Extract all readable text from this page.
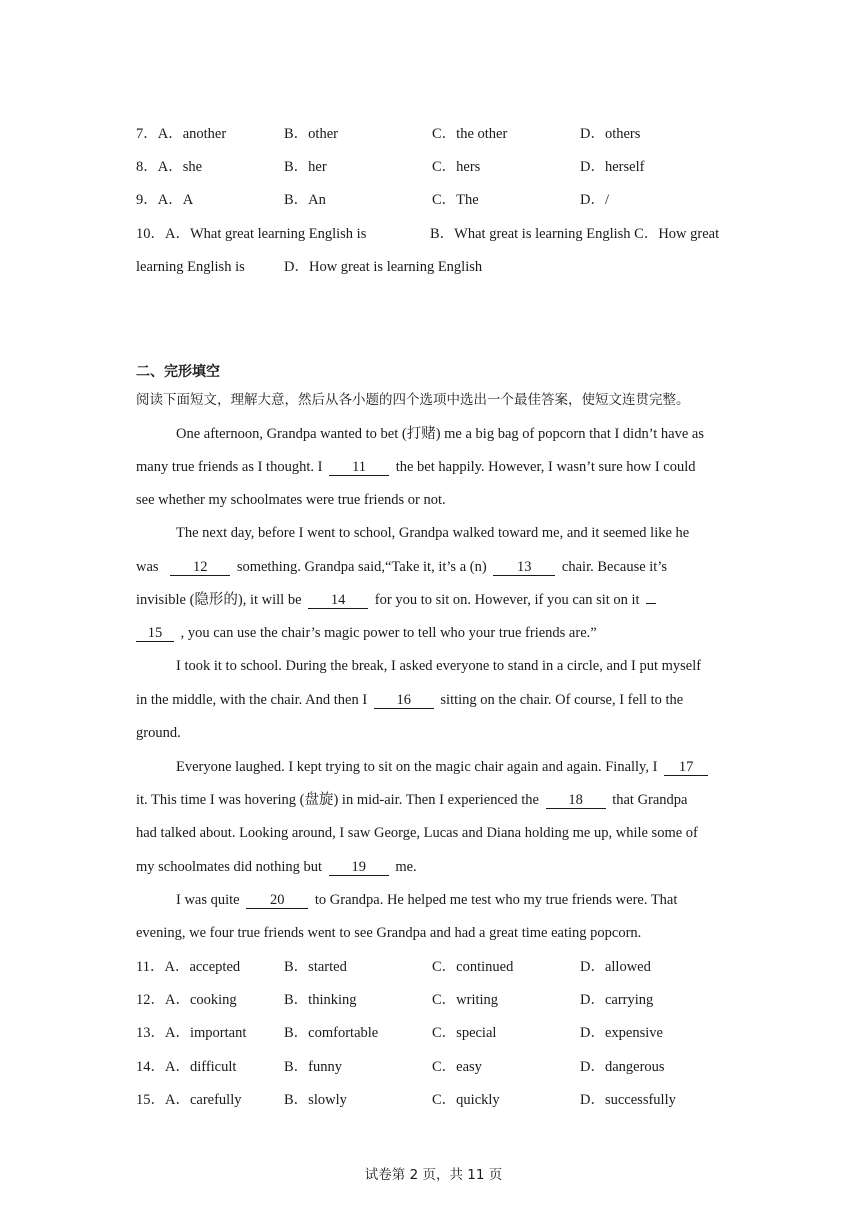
7．A．another	B．other	C．the other	D．others
8．A．she	B．her	C．hers	D．herself
9．A．A	B．An	C．The	D．/
10．A．What great learning English is	B．What great is learning English C．How great
learning English is	D．How great is learning English
二、完形填空
阅读下面短文，理解大意，然后从各小题的四个选项中选出一个最佳答案，使短文连贯完整。
One afternoon, Grandpa wanted to bet (打赌) me a big bag of popcorn that I didn’t have as
many true friends as I thought. I 11 the bet happily. However, I wasn’t sure how I could
see whether my schoolmates were true friends or not.
The next day, before I went to school, Grandpa walked toward me, and it seemed like he
was 12 something. Grandpa said,“Take it, it’s a (n) 13 chair. Because it’s
invisible (隐形的), it will be 14 for you to sit on. However, if you can sit on it
15 , you can use the chair’s magic power to tell who your true friends are.”
I took it to school. During the break, I asked everyone to stand in a circle, and I put myself
in the middle, with the chair. And then I 16 sitting on the chair. Of course, I fell to the
ground.
Everyone laughed. I kept trying to sit on the magic chair again and again. Finally, I 17
it. This time I was hovering (盘旋) in mid-air. Then I experienced the 18 that Grandpa
had talked about. Looking around, I saw George, Lucas and Diana holding me up, while some of
my schoolmates did nothing but 19 me.
I was quite 20 to Grandpa. He helped me test who my true friends were. That
evening, we four true friends went to see Grandpa and had a great time eating popcorn.
11．A．accepted	B．started	C．continued	D．allowed
12．A．cooking	B．thinking	C．writing	D．carrying
13．A．important	B．comfortable	C．special	D．expensive
14．A．difficult	B．funny	C．easy	D．dangerous
15．A．carefully	B．slowly	C．quickly	D．successfully
试卷第 2 页，共 11 页
